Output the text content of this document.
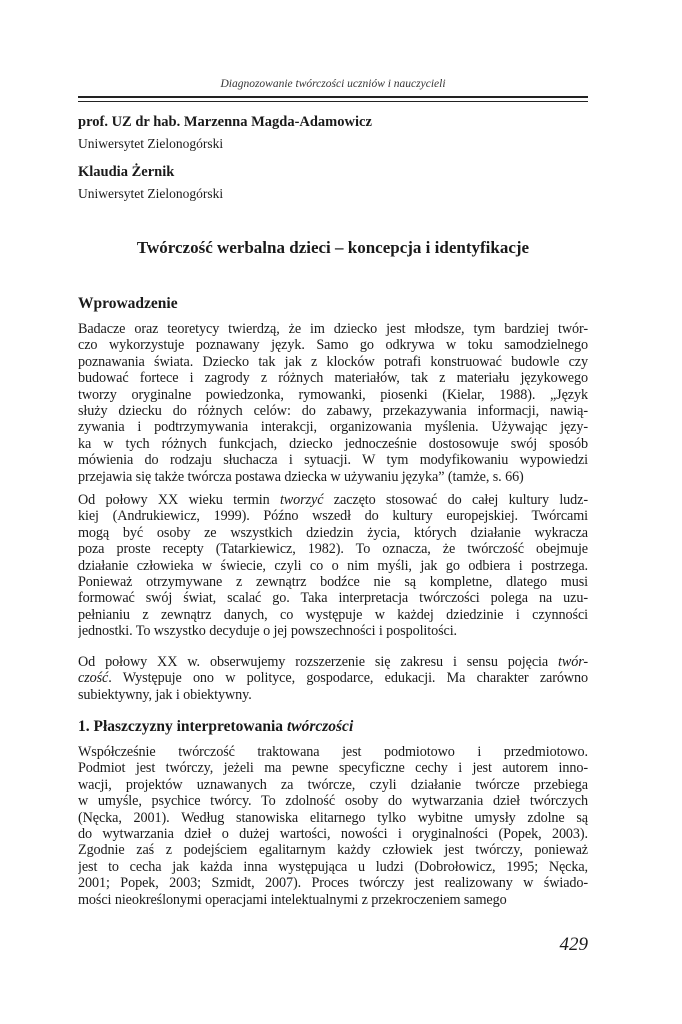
Diagnozowanie twórczości uczniów i nauczycieli
prof. UZ dr hab. Marzenna Magda-Adamowicz
Uniwersytet Zielonogórski
Klaudia Żernik
Uniwersytet Zielonogórski
Twórczość werbalna dzieci – koncepcja i identyfikacje
Wprowadzenie
Badacze oraz teoretycy twierdzą, że im dziecko jest młodsze, tym bardziej twór-
czo wykorzystuje poznawany język. Samo go odkrywa w toku samodzielnego
poznawania świata. Dziecko tak jak z klocków potrafi konstruować budowle czy
budować fortece i zagrody z różnych materiałów, tak z materiału językowego
tworzy oryginalne powiedzonka, rymowanki, piosenki (Kielar, 1988). „Język
służy dziecku do różnych celów: do zabawy, przekazywania informacji, nawią-
zywania i podtrzymywania interakcji, organizowania myślenia. Używając języ-
ka w tych różnych funkcjach, dziecko jednocześnie dostosowuje swój sposób
mówienia do rodzaju słuchacza i sytuacji. W tym modyfikowaniu wypowiedzi
przejawia się także twórcza postawa dziecka w używaniu języka” (tamże, s. 66)
Od połowy XX wieku termin tworzyć zaczęto stosować do całej kultury ludz-
kiej (Andrukiewicz, 1999). Późno wszedł do kultury europejskiej. Twórcami
mogą być osoby ze wszystkich dziedzin życia, których działanie wykracza
poza proste recepty (Tatarkiewicz, 1982). To oznacza, że twórczość obejmuje
działanie człowieka w świecie, czyli co o nim myśli, jak go odbiera i postrzega.
Ponieważ otrzymywane z zewnątrz bodźce nie są kompletne, dlatego musi
formować swój świat, scalać go. Taka interpretacja twórczości polega na uzu-
pełnianiu z zewnątrz danych, co występuje w każdej dziedzinie i czynności
jednostki. To wszystko decyduje o jej powszechności i pospolitości.
Od połowy XX w. obserwujemy rozszerzenie się zakresu i sensu pojęcia twór-
czość. Występuje ono w polityce, gospodarce, edukacji. Ma charakter zarówno
subiektywny, jak i obiektywny.
1. Płaszczyzny interpretowania twórczości
Współcześnie twórczość traktowana jest podmiotowo i przedmiotowo.
Podmiot jest twórczy, jeżeli ma pewne specyficzne cechy i jest autorem inno-
wacji, projektów uznawanych za twórcze, czyli działanie twórcze przebiega
w umyśle, psychice twórcy. To zdolność osoby do wytwarzania dzieł twórczych
(Nęcka, 2001). Według stanowiska elitarnego tylko wybitne umysły zdolne są
do wytwarzania dzieł o dużej wartości, nowości i oryginalności (Popek, 2003).
Zgodnie zaś z podejściem egalitarnym każdy człowiek jest twórczy, ponieważ
jest to cecha jak każda inna występująca u ludzi (Dobrołowicz, 1995; Nęcka,
2001; Popek, 2003; Szmidt, 2007). Proces twórczy jest realizowany w świado-
mości nieokreślonymi operacjami intelektualnymi z przekroczeniem samego
429
